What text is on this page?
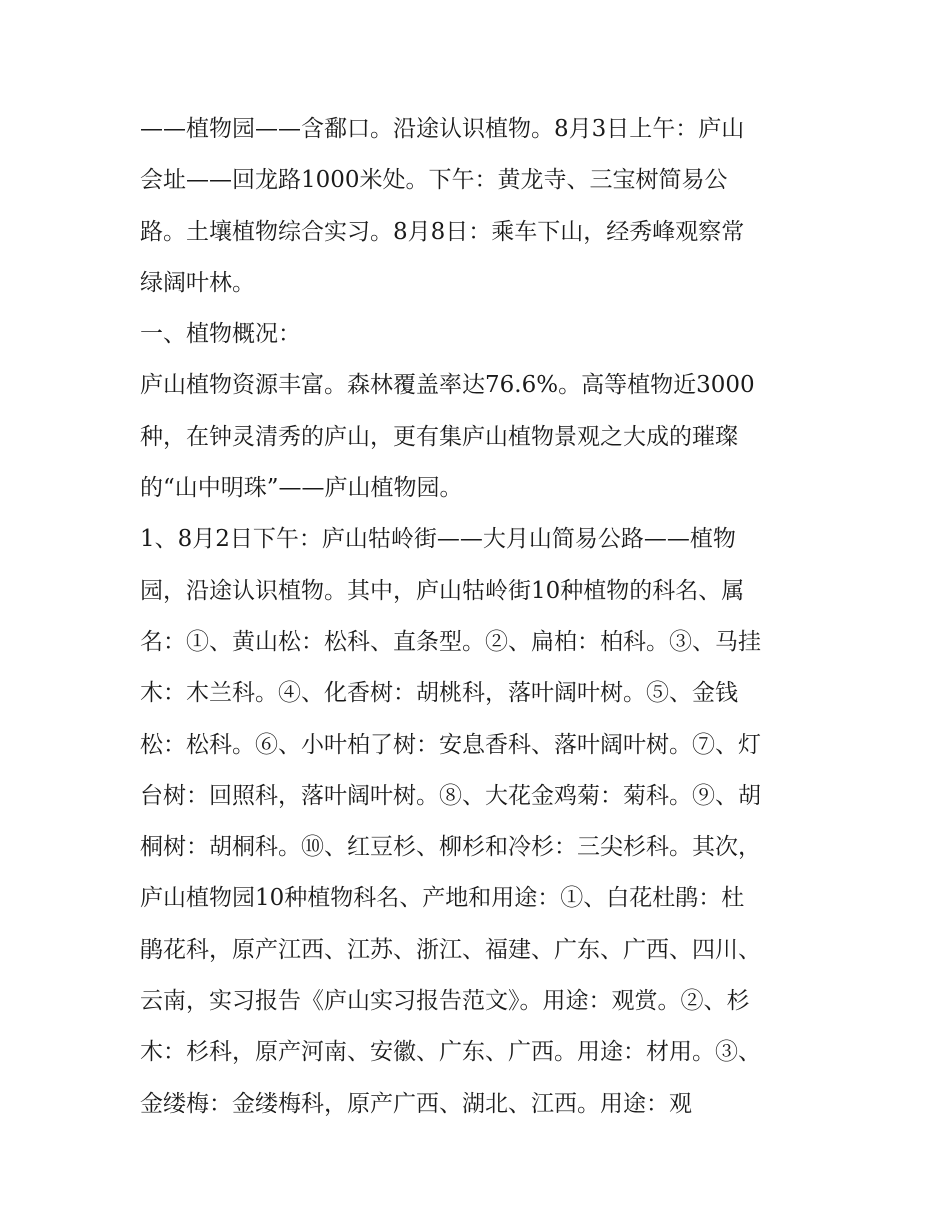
——植物园——含鄱口。沿途认识植物。8月3日上午：庐山
会址——回龙路1000米处。下午：黄龙寺、三宝树简易公
路。土壤植物综合实习。8月8日：乘车下山，经秀峰观察常
绿阔叶林。
一、植物概况：
庐山植物资源丰富。森林覆盖率达76.6%。高等植物近3000
种，在钟灵清秀的庐山，更有集庐山植物景观之大成的璀璨
的“山中明珠”——庐山植物园。
1、8月2日下午：庐山牯岭街——大月山简易公路——植物
园，沿途认识植物。其中，庐山牯岭街10种植物的科名、属
名：①、黄山松：松科、直条型。②、扁柏：柏科。③、马挂
木：木兰科。④、化香树：胡桃科，落叶阔叶树。⑤、金钱
松：松科。⑥、小叶柏了树：安息香科、落叶阔叶树。⑦、灯
台树：回照科，落叶阔叶树。⑧、大花金鸡菊：菊科。⑨、胡
桐树：胡桐科。⑩、红豆杉、柳杉和冷杉：三尖杉科。其次，
庐山植物园10种植物科名、产地和用途：①、白花杜鹃：杜
鹃花科，原产江西、江苏、浙江、福建、广东、广西、四川、
云南，实习报告《庐山实习报告范文》。用途：观赏。②、杉
木：杉科，原产河南、安徽、广东、广西。用途：材用。③、
金缕梅：金缕梅科，原产广西、湖北、江西。用途：观
